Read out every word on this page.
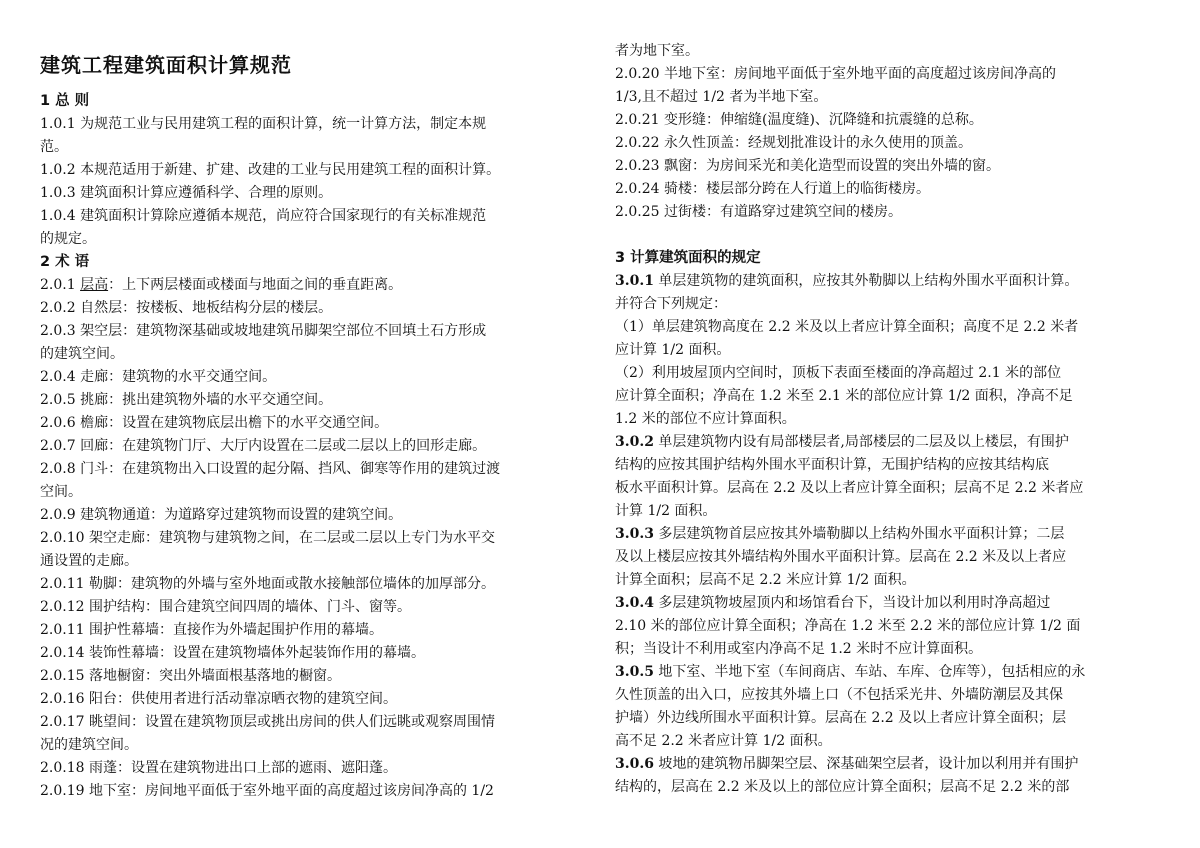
建筑工程建筑面积计算规范
1 总 则
1.0.1 为规范工业与民用建筑工程的面积计算，统一计算方法，制定本规
范。
1.0.2 本规范适用于新建、扩建、改建的工业与民用建筑工程的面积计算。
1.0.3 建筑面积计算应遵循科学、合理的原则。
1.0.4 建筑面积计算除应遵循本规范，尚应符合国家现行的有关标准规范
的规定。
2 术 语
2.0.1 层高：上下两层楼面或楼面与地面之间的垂直距离。
2.0.2 自然层：按楼板、地板结构分层的楼层。
2.0.3 架空层：建筑物深基础或坡地建筑吊脚架空部位不回填土石方形成
的建筑空间。
2.0.4 走廊：建筑物的水平交通空间。
2.0.5 挑廊：挑出建筑物外墙的水平交通空间。
2.0.6 檐廊：设置在建筑物底层出檐下的水平交通空间。
2.0.7 回廊：在建筑物门厅、大厅内设置在二层或二层以上的回形走廊。
2.0.8 门斗：在建筑物出入口设置的起分隔、挡风、御寒等作用的建筑过渡
空间。
2.0.9 建筑物通道：为道路穿过建筑物而设置的建筑空间。
2.0.10 架空走廊：建筑物与建筑物之间，在二层或二层以上专门为水平交
通设置的走廊。
2.0.11 勒脚：建筑物的外墙与室外地面或散水接触部位墙体的加厚部分。
2.0.12 围护结构：围合建筑空间四周的墙体、门斗、窗等。
2.0.11 围护性幕墙：直接作为外墙起围护作用的幕墙。
2.0.14 装饰性幕墙：设置在建筑物墙体外起装饰作用的幕墙。
2.0.15 落地橱窗：突出外墙面根基落地的橱窗。
2.0.16 阳台：供使用者进行活动靠凉晒衣物的建筑空间。
2.0.17 眺望间：设置在建筑物顶层或挑出房间的供人们远眺或观察周围情
况的建筑空间。
2.0.18 雨蓬：设置在建筑物进出口上部的遮雨、遮阳蓬。
2.0.19 地下室：房间地平面低于室外地平面的高度超过该房间净高的 1/2
者为地下室。
2.0.20 半地下室：房间地平面低于室外地平面的高度超过该房间净高的
1/3,且不超过 1/2 者为半地下室。
2.0.21 变形缝：伸缩缝(温度缝)、沉降缝和抗震缝的总称。
2.0.22 永久性顶盖：经规划批准设计的永久使用的顶盖。
2.0.23 飘窗：为房间采光和美化造型而设置的突出外墙的窗。
2.0.24 骑楼：楼层部分跨在人行道上的临街楼房。
2.0.25 过街楼：有道路穿过建筑空间的楼房。
3 计算建筑面积的规定
3.0.1 单层建筑物的建筑面积，应按其外勒脚以上结构外围水平面积计算。
并符合下列规定：
（1）单层建筑物高度在 2.2 米及以上者应计算全面积；高度不足 2.2 米者
应计算 1/2 面积。
（2）利用坡屋顶内空间时，顶板下表面至楼面的净高超过 2.1 米的部位
应计算全面积；净高在 1.2 米至 2.1 米的部位应计算 1/2 面积，净高不足
1.2 米的部位不应计算面积。
3.0.2 单层建筑物内设有局部楼层者,局部楼层的二层及以上楼层，有围护
结构的应按其围护结构外围水平面积计算，无围护结构的应按其结构底
板水平面积计算。层高在 2.2 及以上者应计算全面积；层高不足 2.2 米者应
计算 1/2 面积。
3.0.3 多层建筑物首层应按其外墙勒脚以上结构外围水平面积计算；二层
及以上楼层应按其外墙结构外围水平面积计算。层高在 2.2 米及以上者应
计算全面积；层高不足 2.2 米应计算 1/2 面积。
3.0.4 多层建筑物坡屋顶内和场馆看台下，当设计加以利用时净高超过
2.10 米的部位应计算全面积；净高在 1.2 米至 2.2 米的部位应计算 1/2 面
积；当设计不利用或室内净高不足 1.2 米时不应计算面积。
3.0.5 地下室、半地下室（车间商店、车站、车库、仓库等），包括相应的永
久性顶盖的出入口，应按其外墙上口（不包括采光井、外墙防潮层及其保
护墙）外边线所围水平面积计算。层高在 2.2 及以上者应计算全面积；层
高不足 2.2 米者应计算 1/2 面积。
3.0.6 坡地的建筑物吊脚架空层、深基础架空层者，设计加以利用并有围护
结构的，层高在 2.2 米及以上的部位应计算全面积；层高不足 2.2 米的部
